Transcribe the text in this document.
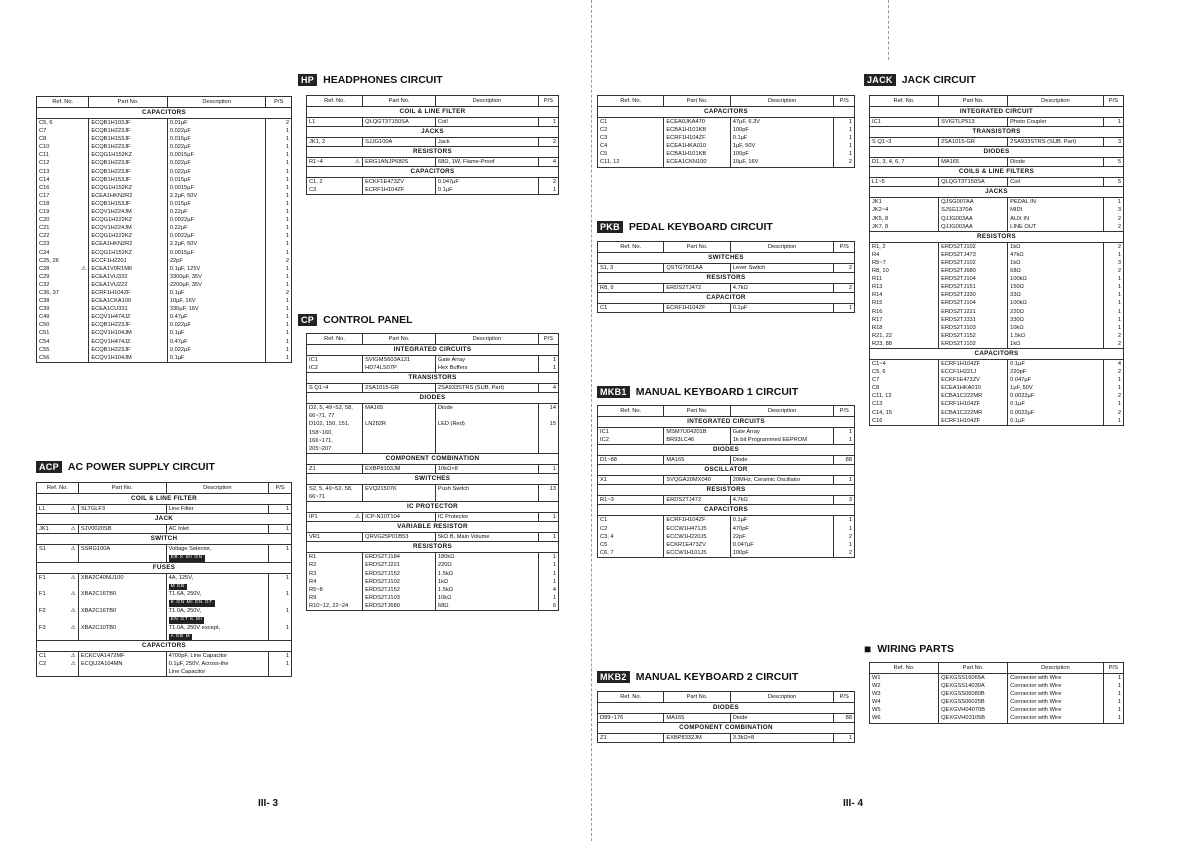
Ref. No.	Part No.	Description	P/S
CAPACITORS			
C5, 6	ECQB1H103JF	0.01µF	2
C7	ECQB1H223JF	0.022µF	1
C8	ECQB1H153JF	0.015µF	1
C10	ECQB1H223JF	0.022µF	1
C11	ECQG1H152KZ	0.0015µF	1
C12	ECQB1H223JF	0.022µF	1
C13	ECQB1H223JF	0.022µF	1
C14	ECQB1H153JF	0.015µF	1
C16	ECQG1H152KZ	0.0015µF	1
C17	ECEA1HKN2R2	2.2µF, 50V	1
C18	ECQB1H153JF	0.015µF	1
C19	ECQV1H224JM	0.22µF	1
C20	ECQG1H222KZ	0.0022µF	1
C21	ECQV1H224JM	0.22µF	1
C22	ECQG1H222KZ	0.0022µF	1
C23	ECEA1HKN2R2	2.2µF, 50V	1
C24	ECQG1H152KZ	0.0015µF	1
C25, 26	ECCF1H220J	22pF	2
C28 ⚠	ECEA1V0R1M6	0.1µF, 125V	1
C29	ECEA1VU332	3300µF, 35V	1
C32	ECEA1VU222	2200µF, 35V	1
C36, 37	ECRF1H104ZF	0.1µF	2
C38	ECEA1CKA100	10µF, 16V	1
C39	ECEA1CU331	330µF, 16V	1
C49	ECQV1H474JZ	0.47µF	1
C50	ECQB1H223JF	0.022µF	1
C51	ECQV1H104JM	0.1µF	1
C54	ECQV1H474JZ	0.47µF	1
C55	ECQB1H223JF	0.022µF	1
C56	ECQV1H104JM	0.1µF	1
ACP AC POWER SUPPLY CIRCUIT
Ref. No.	Part No.	Description	P/S
COIL & LINE FILTER			
L1 ⚠	SLTGLF3	Line Filter	1
JACK			
JK1 ⚠	SJV0020SB	AC Inlet	1
SWITCH			
S1 ⚠	SSRG100A	Voltage Selector,
EB K MI GN	1
FUSES			
F1 ⚠	XBA2C40NU100	4A, 125V,
M EB	1
F1 ⚠	XBA2C16TB0	T1.6A, 250V,
K GN MI EN GT	1
F2 ⚠	XBA2C16TB0	T1.0A, 250V,
EN GT K MI	1
F3 ⚠	XBA2C10TB0	T1.0A, 250V except,
A EB M	1
CAPACITORS			
C1 ⚠	ECKCVA1472MF	4700pF, Line Capacitor	1
C2 ⚠	ECQU2A104MN	0.1µF, 250V, Across-the	1
		Line Capacitor	
HP HEADPHONES CIRCUIT
Ref. No.	Part No.	Description	P/S
COIL & LINE FILTER			
L1	QLQGT3T150SA	Coil	1
JACKS			
JK1, 2	SJJG100A	Jack	2
RESISTORS			
R1~4 ⚠	ERG1ANJP680S	68Ω, 1W, Flame-Proof	4
CAPACITORS			
C1, 2	ECKF1E473ZV	0.047µF	2
C3	ECRF1H104ZF	0.1µF	1
CP CONTROL PANEL
Ref. No.	Part No.	Description	P/S
INTEGRATED CIRCUITS			
IC1	SVIGMS603A121	Gate Array	1
IC2	HD74LS07P	Hex Buffers	1
TRANSISTORS			
S Q1~4	2SA1015-GR	2SA933STRS (SUB. Part)	4
DIODES			
D2, 5, 49~52, 58,	MA165	Diode	14
66~71, 77			
D102, 150, 151,	LN282R	LED (Red)	15
158~160,			
166~171,			
205~207			
COMPONENT COMBINATION			
Z1	EXBP8103JM	10kΩ×8	1
SWITCHES			
S2, 5, 49~52, 58,	EVQ21507K	Push Switch	13
66~71			
IC PROTECTOR			
IP1 ⚠	ICP-N10T104	IC Protector	1
VARIABLE RESISTOR			
VR1	QRVG25P01B53	5kΩ B, Main Volume	1
RESISTORS			
R1	ERDS2TJ184	180kΩ	1
R2	ERDS2TJ221	220Ω	1
R3	ERDS2TJ152	1.5kΩ	1
R4	ERDS2TJ102	1kΩ	1
R5~8	ERDS2TJ152	1.5kΩ	4
R9	ERDS2TJ103	10kΩ	1
R10~12, 22~24	ERDS2TJ680	68Ω	6
Ref. No.	Part No.	Description	P/S
CAPACITORS			
C1	ECEA0JKA470	47µF, 6.3V	1
C2	ECBA1H101KB	100pF	1
C3	ECRF1H104ZF	0.1µF	1
C4	ECEA1HKA010	1µF, 50V	1
C5	ECBA1H101KB	100pF	1
C11, 12	ECEA1CKN100	10µF, 16V	2
PKB PEDAL KEYBOARD CIRCUIT
Ref. No.	Part No.	Description	P/S
SWITCHES			
S1, 3	QSTG7001AA	Lever Switch	2
RESISTORS			
R8, 9	ERDS2TJ472	4.7kΩ	2
CAPACITOR			
C1	ECRF1H104ZF	0.1µF	1
MKB1 MANUAL KEYBOARD 1 CIRCUIT
Ref. No.	Part No.	Description	P/S
INTEGRATED CIRCUITS			
IC1	MSM7U04201B	Gate Array	1
IC2	BR93LC46	1k bit Programmed EEPROM	1
DIODES			
D1~88	MA165	Diode	88
OSCILLATOR			
X1	SVQGA20MX040	20MHz, Ceramic Oscillator	1
RESISTORS			
R1~3	ERDS2TJ472	4.7kΩ	3
CAPACITORS			
C1	ECRF1H104ZF	0.1µF	1
C2	ECCW1H471J5	470pF	1
C3, 4	ECCW1H220J5	22pF	2
C5	ECKR1E473ZV	0.047µF	1
C6, 7	ECCW1H101J5	100pF	2
MKB2 MANUAL KEYBOARD 2 CIRCUIT
Ref. No.	Part No.	Description	P/S
DIODES			
D89~176	MA165	Diode	88
COMPONENT COMBINATION			
Z1	EXBP8332JM	3.3kΩ×8	1
JACK JACK CIRCUIT
Ref. No.	Part No.	Description	P/S
INTEGRATED CIRCUIT			
IC1	SVIGTLP513	Photo Coupler	1
TRANSISTORS			
S Q1~3	2SA1015-GR	2SA933STRS (SUB. Part)	3
DIODES			
D1, 3, 4, 6, 7	MA165	Diode	5
COILS & LINE FILTERS			
L1~5	QLQGT3T150SA	Coil	5
JACKS			
JK1	QJSG007AA	PEDAL IN	1
JK2~4	SJSG1370A	MIDI	3
JK5, 8	QJJG003AA	AUX IN	2
JK7, 8	QJJG003AA	LINE OUT	2
RESISTORS			
R1, 2	ERDS2TJ102	1kΩ	2
R4	ERDS2TJ473	47kΩ	1
R5~7	ERDS2TJ102	1kΩ	3
R8, 10	ERDS2TJ680	68Ω	2
R11	ERDS2TJ104	100kΩ	1
R13	ERDS2TJ151	150Ω	1
R14	ERDS2TJ330	33Ω	1
R15	ERDS2TJ104	100kΩ	1
R16	ERDS2TJ221	220Ω	1
R17	ERDS2TJ331	330Ω	1
R18	ERDS2TJ103	10kΩ	1
R21, 22	ERDS2TJ152	1.5kΩ	2
R23, 88	ERDS2TJ102	1kΩ	2
CAPACITORS			
C1~4	ECRF1H104ZF	0.1µF	4
C5, 6	ECCF1H221J	220pF	2
C7	ECKF1E473ZV	0.047µF	1
C8	ECEA1HKA010	1µF, 50V	1
C11, 12	ECBA1C222MR	0.0022µF	2
C13	ECRF1H104ZF	0.1µF	1
C14, 15	ECBA1C222MR	0.0022µF	2
C16	ECRF1H104ZF	0.1µF	1
■ WIRING PARTS
Ref. No.	Part No.	Description	P/S
W1	QEXGSS16065A	Connector with Wire	1
W2	QEXGSS14030A	Connector with Wire	1
W3	QEXGSS06080B	Connector with Wire	1
W4	QEXGSS06025B	Connector with Wire	1
W5	QEXGVH04070B	Connector with Wire	1
W6	QEXGVH03105B	Connector with Wire	1
III- 3	III- 4
